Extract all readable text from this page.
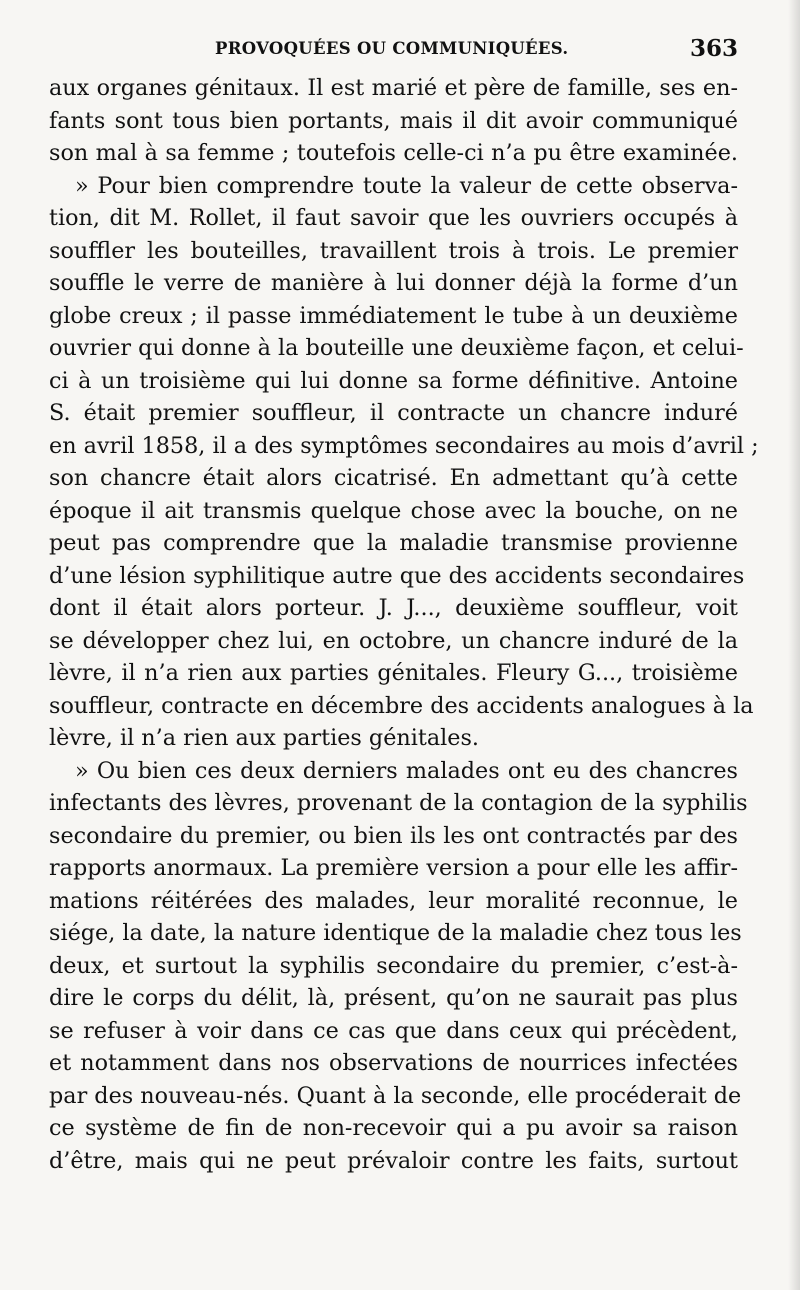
PROVOQUÉES OU COMMUNIQUÉES.	363
aux organes génitaux. Il est marié et père de famille, ses en-
fants sont tous bien portants, mais il dit avoir communiqué
son mal à sa femme ; toutefois celle-ci n’a pu être examinée.
» Pour bien comprendre toute la valeur de cette observa-
tion, dit M. Rollet, il faut savoir que les ouvriers occupés à
souffler les bouteilles, travaillent trois à trois. Le premier
souffle le verre de manière à lui donner déjà la forme d’un
globe creux ; il passe immédiatement le tube à un deuxième
ouvrier qui donne à la bouteille une deuxième façon, et celui-
ci à un troisième qui lui donne sa forme définitive. Antoine
S. était premier souffleur, il contracte un chancre induré
en avril 1858, il a des symptômes secondaires au mois d’avril ;
son chancre était alors cicatrisé. En admettant qu’à cette
époque il ait transmis quelque chose avec la bouche, on ne
peut pas comprendre que la maladie transmise provienne
d’une lésion syphilitique autre que des accidents secondaires
dont il était alors porteur. J. J..., deuxième souffleur, voit
se développer chez lui, en octobre, un chancre induré de la
lèvre, il n’a rien aux parties génitales. Fleury G..., troisième
souffleur, contracte en décembre des accidents analogues à la
lèvre, il n’a rien aux parties génitales.
» Ou bien ces deux derniers malades ont eu des chancres
infectants des lèvres, provenant de la contagion de la syphilis
secondaire du premier, ou bien ils les ont contractés par des
rapports anormaux. La première version a pour elle les affir-
mations réitérées des malades, leur moralité reconnue, le
siége, la date, la nature identique de la maladie chez tous les
deux, et surtout la syphilis secondaire du premier, c’est-à-
dire le corps du délit, là, présent, qu’on ne saurait pas plus
se refuser à voir dans ce cas que dans ceux qui précèdent,
et notamment dans nos observations de nourrices infectées
par des nouveau-nés. Quant à la seconde, elle procéderait de
ce système de fin de non-recevoir qui a pu avoir sa raison
d’être, mais qui ne peut prévaloir contre les faits, surtout
